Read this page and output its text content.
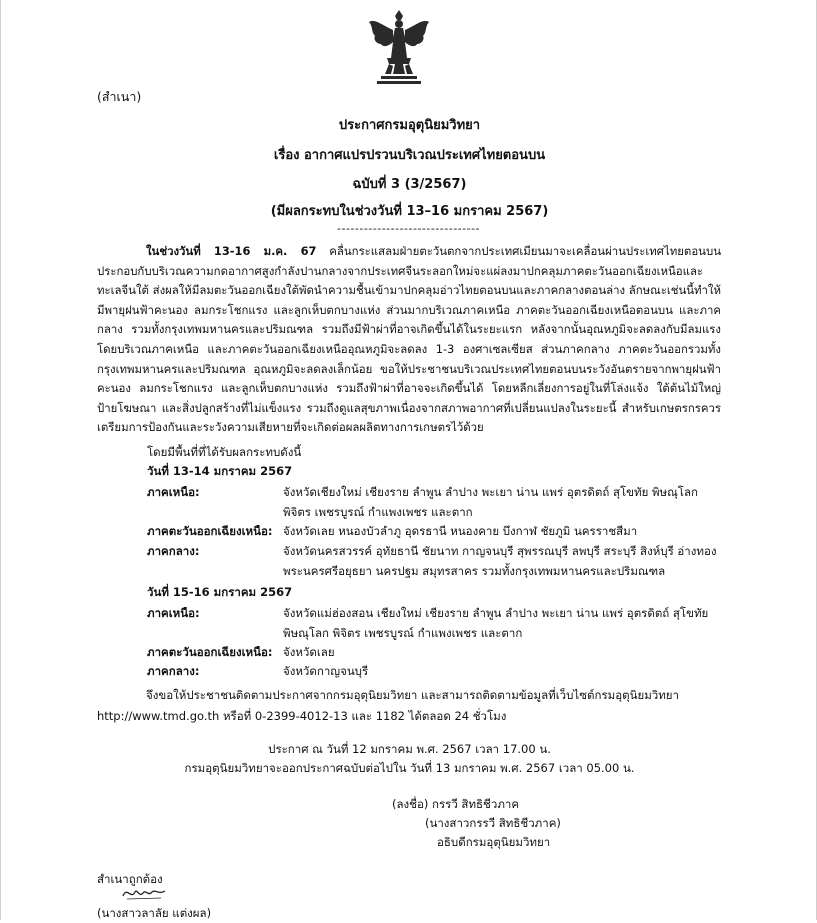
(สำเนา)
ประกาศกรมอุตุนิยมวิทยา
เรื่อง อากาศแปรปรวนบริเวณประเทศไทยตอนบน
ฉบับที่ 3 (3/2567)
(มีผลกระทบในช่วงวันที่ 13–16 มกราคม 2567)
--------------------------------
ในช่วงวันที่ 13-16 ม.ค. 67 คลื่นกระแสลมฝ่ายตะวันตกจากประเทศเมียนมาจะเคลื่อนผ่านประเทศไทยตอนบน ประกอบกับบริเวณความกดอากาศสูงกำลังปานกลางจากประเทศจีนระลอกใหม่จะแผ่ลงมาปกคลุมภาคตะวันออกเฉียงเหนือและทะเลจีนใต้ ส่งผลให้มีลมตะวันออกเฉียงใต้พัดนำความชื้นเข้ามาปกคลุมอ่าวไทยตอนบนและภาคกลางตอนล่าง ลักษณะเช่นนี้ทำให้มีพายุฝนฟ้าคะนอง ลมกระโชกแรง และลูกเห็บตกบางแห่ง ส่วนมากบริเวณภาคเหนือ ภาคตะวันออกเฉียงเหนือตอนบน และภาคกลาง รวมทั้งกรุงเทพมหานครและปริมณฑล รวมถึงมีฟ้าผ่าที่อาจเกิดขึ้นได้ในระยะแรก หลังจากนั้นอุณหภูมิจะลดลงกับมีลมแรง โดยบริเวณภาคเหนือ และภาคตะวันออกเฉียงเหนืออุณหภูมิจะลดลง 1-3 องศาเซลเซียส ส่วนภาคกลาง ภาคตะวันออกรวมทั้งกรุงเทพมหานครและปริมณฑล อุณหภูมิจะลดลงเล็กน้อย ขอให้ประชาชนบริเวณประเทศไทยตอนบนระวังอันตรายจากพายุฝนฟ้าคะนอง ลมกระโชกแรง และลูกเห็บตกบางแห่ง รวมถึงฟ้าผ่าที่อาจจะเกิดขึ้นได้ โดยหลีกเลี่ยงการอยู่ในที่โล่งแจ้ง ใต้ต้นไม้ใหญ่ ป้ายโฆษณา และสิ่งปลูกสร้างที่ไม่แข็งแรง รวมถึงดูแลสุขภาพเนื่องจากสภาพอากาศที่เปลี่ยนแปลงในระยะนี้ สำหรับเกษตรกรควรเตรียมการป้องกันและระวังความเสียหายที่จะเกิดต่อผลผลิตทางการเกษตรไว้ด้วย
โดยมีพื้นที่ที่ได้รับผลกระทบดังนี้
วันที่ 13-14 มกราคม 2567
ภาคเหนือ:	จังหวัดเชียงใหม่ เชียงราย ลำพูน ลำปาง พะเยา น่าน แพร่ อุตรดิตถ์ สุโขทัย พิษณุโลก
พิจิตร เพชรบูรณ์ กำแพงเพชร และตาก
ภาคตะวันออกเฉียงเหนือ: จังหวัดเลย หนองบัวลำภู อุดรธานี หนองคาย บึงกาฬ ชัยภูมิ นครราชสีมา
ภาคกลาง:	จังหวัดนครสวรรค์ อุทัยธานี ชัยนาท กาญจนบุรี สุพรรณบุรี ลพบุรี สระบุรี สิงห์บุรี อ่างทอง
พระนครศรีอยุธยา นครปฐม สมุทรสาคร รวมทั้งกรุงเทพมหานครและปริมณฑล
วันที่ 15-16 มกราคม 2567
ภาคเหนือ:	จังหวัดแม่ฮ่องสอน เชียงใหม่ เชียงราย ลำพูน ลำปาง พะเยา น่าน แพร่ อุตรดิตถ์ สุโขทัย
พิษณุโลก พิจิตร เพชรบูรณ์ กำแพงเพชร และตาก
ภาคตะวันออกเฉียงเหนือ: จังหวัดเลย
ภาคกลาง:	จังหวัดกาญจนบุรี
จึงขอให้ประชาชนติดตามประกาศจากกรมอุตุนิยมวิทยา และสามารถติดตามข้อมูลที่เว็บไซต์กรมอุตุนิยมวิทยา http://www.tmd.go.th หรือที่ 0-2399-4012-13 และ 1182 ได้ตลอด 24 ชั่วโมง
ประกาศ ณ วันที่ 12 มกราคม พ.ศ. 2567 เวลา 17.00 น.
กรมอุตุนิยมวิทยาจะออกประกาศฉบับต่อไปใน วันที่ 13 มกราคม พ.ศ. 2567 เวลา 05.00 น.
(ลงชื่อ) กรรวี สิทธิชีวภาค
(นางสาวกรรวี สิทธิชีวภาค)
อธิบดีกรมอุตุนิยมวิทยา
สำเนาถูกต้อง
(นางสาวลาลัย แต่งผล)
